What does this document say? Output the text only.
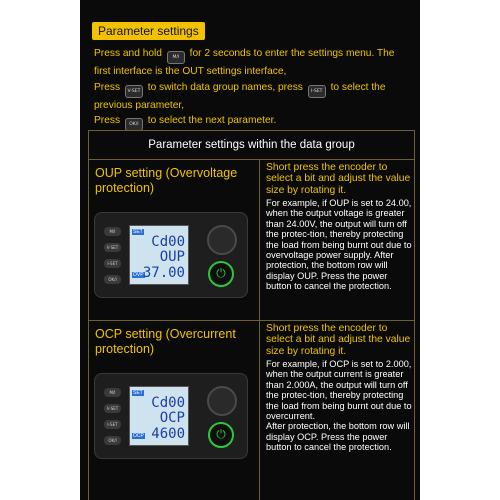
Parameter settings
Press and hold M/I for 2 seconds to enter the settings menu. The first interface is the OUT settings interface,
Press V-SET to switch data group names, press I-SET to select the previous parameter,
Press OK/I to select the next parameter.
Parameter settings within the data group
OUP setting (Overvoltage protection)
M/I
V-SET
I-SET
OK/I
SET
Cd00
OUP
OVP 37.00	⏻
Short press the encoder to select a bit and adjust the value size by rotating it.
For example, if OUP is set to 24.00, when the output voltage is greater than 24.00V, the output will turn off the protec-tion, thereby protecting the load from being burnt out due to overvoltage power supply. After protection, the bottom row will display OUP. Press the power button to cancel the protection.
OCP setting (Overcurrent protection)
M/I
V-SET
I-SET
OK/I
SET
Cd00
OCP
OCP 4600	⏻
Short press the encoder to select a bit and adjust the value size by rotating it.
For example, if OCP is set to 2.000, when the output current is greater than 2.000A, the output will turn off the protec-tion, thereby protecting the load from being burnt out due to overcurrent.
After protection, the bottom row will display OCP. Press the power button to cancel the protection.
